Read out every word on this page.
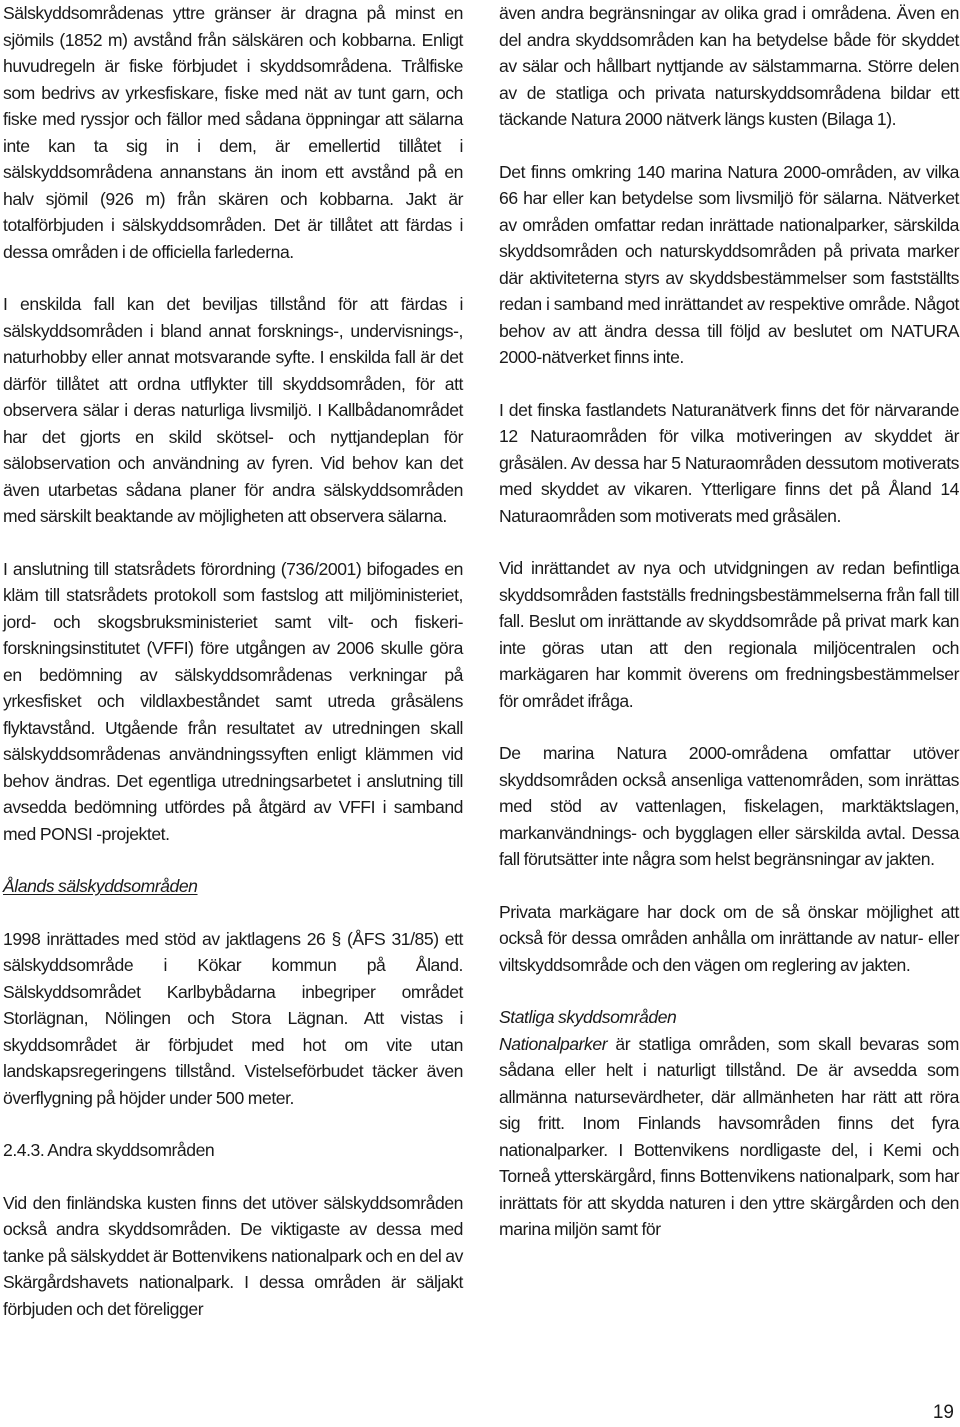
Sälskyddsområdenas yttre gränser är dragna på minst en sjömils (1852 m) avstånd från sälskären och kobbarna. Enligt huvudregeln är fiske förbjudet i skyddsområdena. Trålfiske som bedrivs av yrkesfiskare, fiske med nät av tunt garn, och fiske med ryssjor och fällor med sådana öppningar att sälarna inte kan ta sig in i dem, är emellertid tillåtet i sälskyddsområdena annanstans än inom ett avstånd på en halv sjömil (926 m) från skären och kobbarna. Jakt är totalförbjuden i sälskyddsområden. Det är tillåtet att färdas i dessa områden i de officiella farlederna.

I enskilda fall kan det beviljas tillstånd för att färdas i sälskyddsområden i bland annat forsknings-, undervisnings-, naturhobby eller annat motsvarande syfte. I enskilda fall är det därför tillåtet att ordna utflykter till skyddsområden, för att observera sälar i deras naturliga livsmiljö. I Kallbådanområdet har det gjorts en skild skötsel- och nyttjandeplan för sälobservation och användning av fyren. Vid behov kan det även utarbetas sådana planer för andra sälskyddsområden med särskilt beaktande av möjligheten att observera sälarna.

I anslutning till statsrådets förordning (736/2001) bifogades en kläm till statsrådets protokoll som fastslog att miljöministeriet, jord- och skogsbruksministeriet samt vilt- och fiskeri-forskningsinstitutet (VFFI) före utgången av 2006 skulle göra en bedömning av sälskyddsområdenas verkningar på yrkesfisket och vildlaxbeståndet samt utreda gråsälens flyktavstånd. Utgående från resultatet av utredningen skall sälskyddsområdenas användningssyften enligt klämmen vid behov ändras. Det egentliga utredningsarbetet i anslutning till avsedda bedömning utfördes på åtgärd av VFFI i samband med PONSI -projektet.

Ålands sälskyddsområden

1998 inrättades med stöd av jaktlagens 26 § (ÅFS 31/85) ett sälskyddsområde i Kökar kommun på Åland. Sälskyddsområdet Karlbybådarna inbegriper området Storlägnan, Nölingen och Stora Lägnan. Att vistas i skyddsområdet är förbjudet med hot om vite utan landskapsregeringens tillstånd. Vistelseförbudet täcker även överflygning på höjder under 500 meter.

2.4.3. Andra skyddsområden

Vid den finländska kusten finns det utöver sälskyddsområden också andra skyddsområden. De viktigaste av dessa med tanke på sälskyddet är Bottenvikens nationalpark och en del av Skärgårdshavets nationalpark. I dessa områden är säljakt förbjuden och det föreligger

även andra begränsningar av olika grad i områdena. Även en del andra skyddsområden kan ha betydelse både för skyddet av sälar och hållbart nyttjande av sälstammarna. Större delen av de statliga och privata naturskyddsområdena bildar ett täckande Natura 2000 nätverk längs kusten (Bilaga 1).

Det finns omkring 140 marina Natura 2000-områden, av vilka 66 har eller kan betydelse som livsmiljö för sälarna. Nätverket av områden omfattar redan inrättade nationalparker, särskilda skyddsområden och naturskyddsområden på privata marker där aktiviteterna styrs av skyddsbestämmelser som fastställts redan i samband med inrättandet av respektive område. Något behov av att ändra dessa till följd av beslutet om NATURA 2000-nätverket finns inte.

I det finska fastlandets Naturanätverk finns det för närvarande 12 Naturaområden för vilka motiveringen av skyddet är gråsälen. Av dessa har 5 Naturaområden dessutom motiverats med skyddet av vikaren. Ytterligare finns det på Åland 14 Naturaområden som motiverats med gråsälen.

Vid inrättandet av nya och utvidgningen av redan befintliga skyddsområden fastställs fredningsbestämmelserna från fall till fall. Beslut om inrättande av skyddsområde på privat mark kan inte göras utan att den regionala miljöcentralen och markägaren har kommit överens om fredningsbestämmelser för området ifråga.

De marina Natura 2000-områdena omfattar utöver skyddsområden också ansenliga vattenområden, som inrättas med stöd av vattenlagen, fiskelagen, marktäktslagen, markanvändnings- och bygglagen eller särskilda avtal. Dessa fall förutsätter inte några som helst begränsningar av jakten.

Privata markägare har dock om de så önskar möjlighet att också för dessa områden anhålla om inrättande av natur- eller viltskyddsområde och den vägen om reglering av jakten.

Statliga skyddsområden

Nationalparker är statliga områden, som skall bevaras som sådana eller helt i naturligt tillstånd. De är avsedda som allmänna natursevärdheter, där allmänheten har rätt att röra sig fritt. Inom Finlands havsområden finns det fyra nationalparker. I Bottenvikens nordligaste del, i Kemi och Torneå ytterskärgård, finns Bottenvikens nationalpark, som har inrättats för att skydda naturen i den yttre skärgården och den marina miljön samt för

19
